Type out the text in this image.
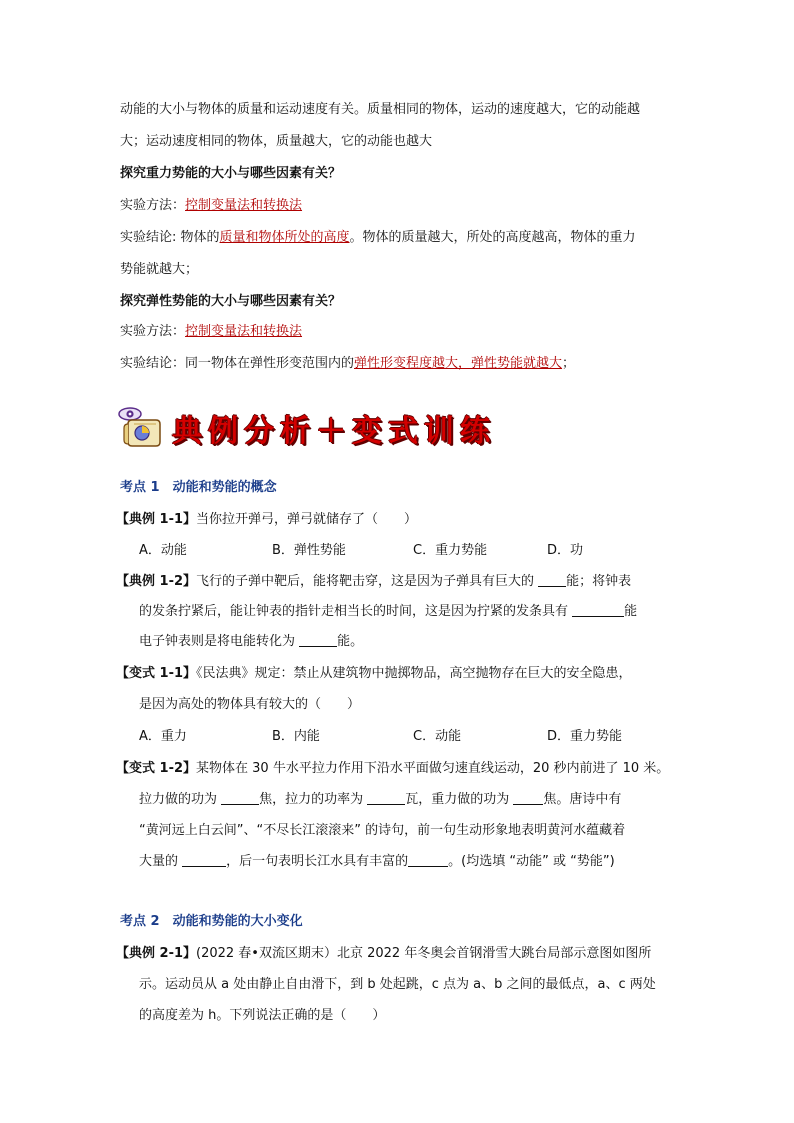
动能的大小与物体的质量和运动速度有关。质量相同的物体，运动的速度越大，它的动能越
大；运动速度相同的物体，质量越大，它的动能也越大
探究重力势能的大小与哪些因素有关？
实验方法：控制变量法和转换法
实验结论: 物体的质量和物体所处的高度。物体的质量越大，所处的高度越高，物体的重力
势能就越大；
探究弹性势能的大小与哪些因素有关？
实验方法：控制变量法和转换法
实验结论：同一物体在弹性形变范围内的弹性形变程度越大，弹性势能就越大；
典例分析＋变式训练
考点 1　动能和势能的概念
【典例 1-1】当你拉开弹弓，弹弓就储存了（　　）
A．动能	B．弹性势能	C．重力势能	D．功
【典例 1-2】飞行的子弹中靶后，能将靶击穿，这是因为子弹具有巨大的 能；将钟表
的发条拧紧后，能让钟表的指针走相当长的时间，这是因为拧紧的发条具有	能
电子钟表则是将电能转化为	能。
【变式 1-1】《民法典》规定：禁止从建筑物中抛掷物品，高空抛物存在巨大的安全隐患，
是因为高处的物体具有较大的（　　）
A．重力	B．内能	C．动能	D．重力势能
【变式 1-2】某物体在 30 牛水平拉力作用下沿水平面做匀速直线运动，20 秒内前进了 10 米。
拉力做的功为	焦，拉力的功率为	瓦，重力做的功为 焦。唐诗中有
“黄河远上白云间”、“不尽长江滚滚来” 的诗句，前一句生动形象地表明黄河水蕴藏着
大量的	，后一句表明长江水具有丰富的	。(均选填 “动能” 或 “势能”)
考点 2　动能和势能的大小变化
【典例 2-1】(2022 春•双流区期末）北京 2022 年冬奥会首钢滑雪大跳台局部示意图如图所
示。运动员从 a 处由静止自由滑下，到 b 处起跳，c 点为 a、b 之间的最低点，a、c 两处
的高度差为 h。下列说法正确的是（　　）
